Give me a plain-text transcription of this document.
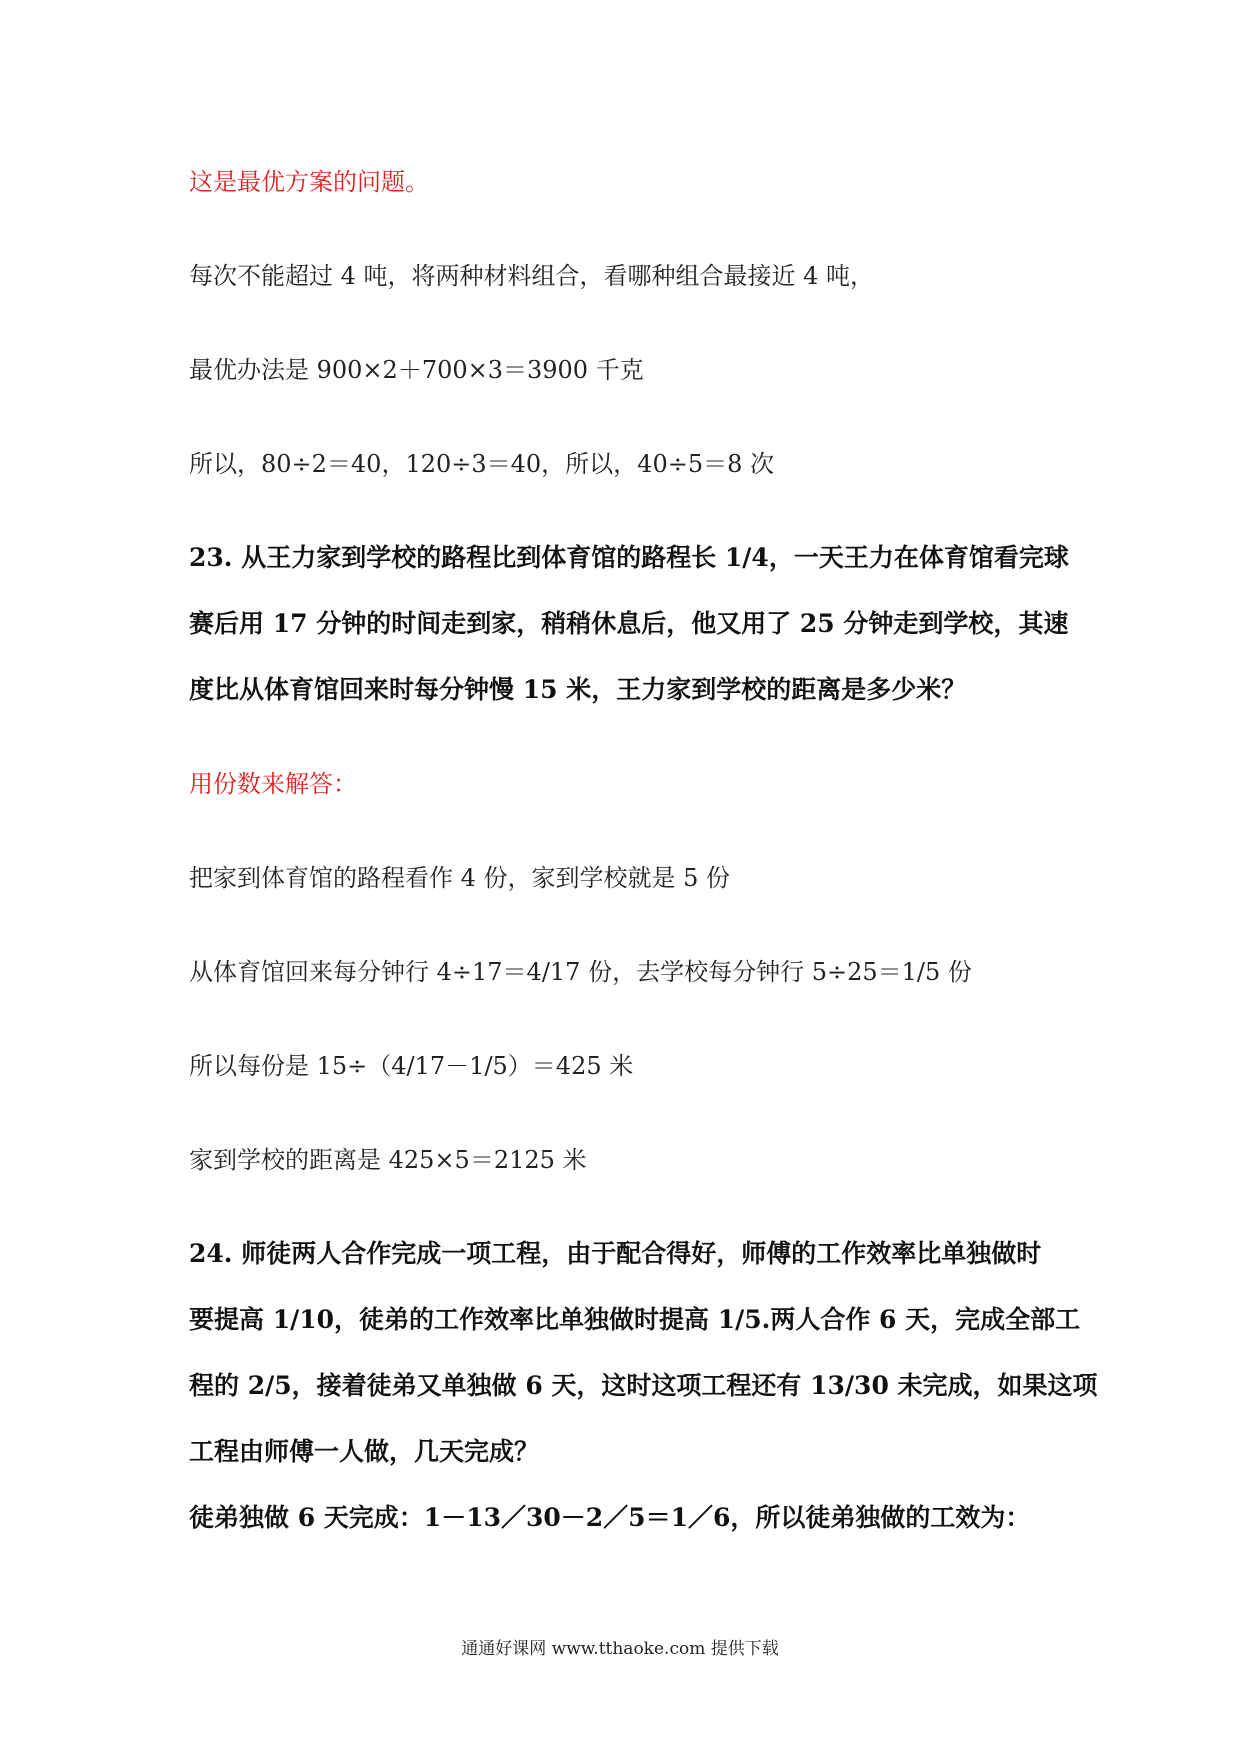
这是最优方案的问题。
每次不能超过 4 吨，将两种材料组合，看哪种组合最接近 4 吨，
最优办法是 900×2＋700×3＝3900 千克
所以，80÷2＝40，120÷3＝40，所以，40÷5＝8 次
23. 从王力家到学校的路程比到体育馆的路程长 1/4，一天王力在体育馆看完球
赛后用 17 分钟的时间走到家，稍稍休息后，他又用了 25 分钟走到学校，其速
度比从体育馆回来时每分钟慢 15 米，王力家到学校的距离是多少米？
用份数来解答：
把家到体育馆的路程看作 4 份，家到学校就是 5 份
从体育馆回来每分钟行 4÷17＝4/17 份，去学校每分钟行 5÷25＝1/5 份
所以每份是 15÷（4/17－1/5）＝425 米
家到学校的距离是 425×5＝2125 米
24. 师徒两人合作完成一项工程，由于配合得好，师傅的工作效率比单独做时
要提高 1/10，徒弟的工作效率比单独做时提高 1/5.两人合作 6 天，完成全部工
程的 2/5，接着徒弟又单独做 6 天，这时这项工程还有 13/30 未完成，如果这项
工程由师傅一人做，几天完成？
徒弟独做 6 天完成：1－13／30－2／5＝1／6，所以徒弟独做的工效为：
通通好课网 www.tthaoke.com 提供下载
